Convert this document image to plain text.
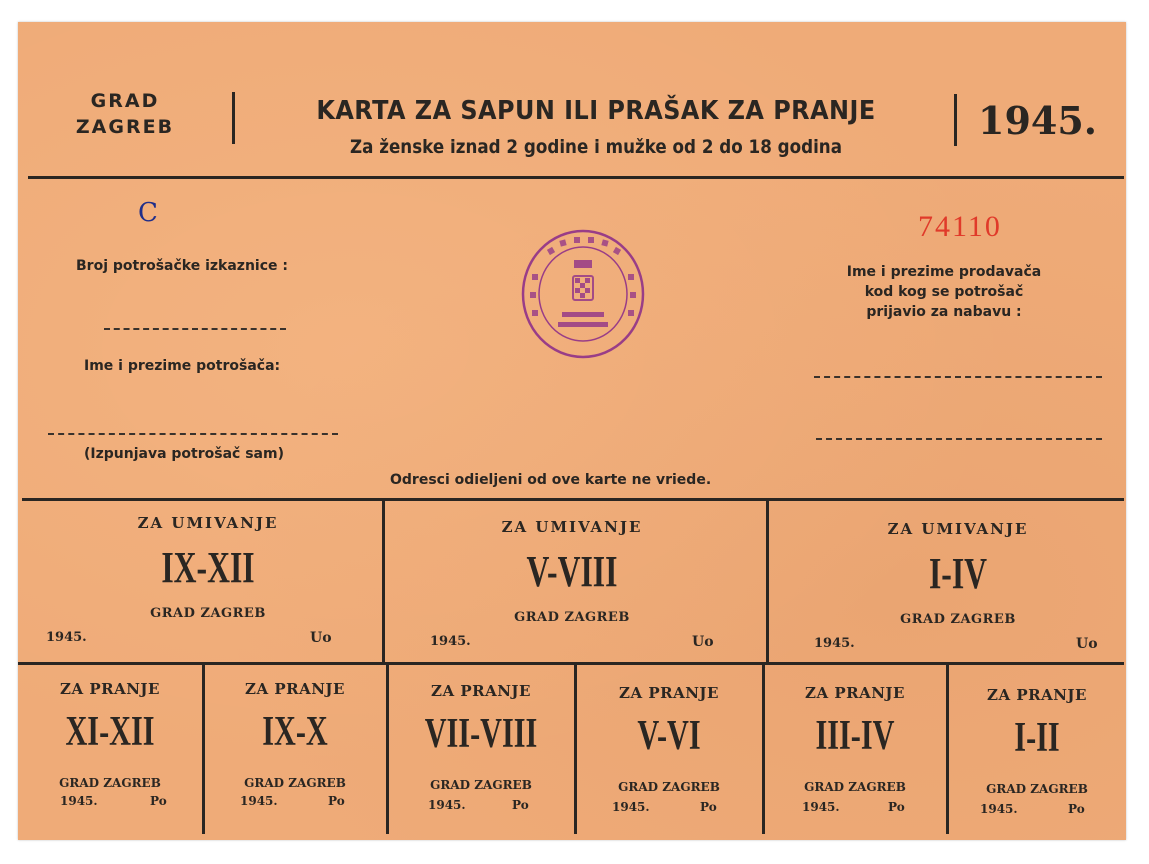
GRAD
ZAGREB
KARTA ZA SAPUN ILI PRAŠAK ZA PRANJE
Za ženske iznad 2 godine i mužke od 2 do 18 godina
1945.
C	74110
Broj potrošačke izkaznice :
Ime i prezime potrošača:
(Izpunjava potrošač sam)
Ime i prezime prodavača
kod kog se potrošač
prijavio za nabavu :
Odresci odieljeni od ove karte ne vriede.
ZA UMIVANJE
IX-XII
GRAD ZAGREB
1945.	Uo
ZA UMIVANJE
V-VIII
GRAD ZAGREB
1945.	Uo
ZA UMIVANJE
I-IV
GRAD ZAGREB
1945.	Uo
ZA PRANJE
XI-XII
GRAD ZAGREB
1945.	Po
ZA PRANJE
IX-X
GRAD ZAGREB
1945.	Po
ZA PRANJE
VII-VIII
GRAD ZAGREB
1945.	Po
ZA PRANJE
V-VI
GRAD ZAGREB
1945.	Po
ZA PRANJE
III-IV
GRAD ZAGREB
1945.	Po
ZA PRANJE
I-II
GRAD ZAGREB
1945.	Po
